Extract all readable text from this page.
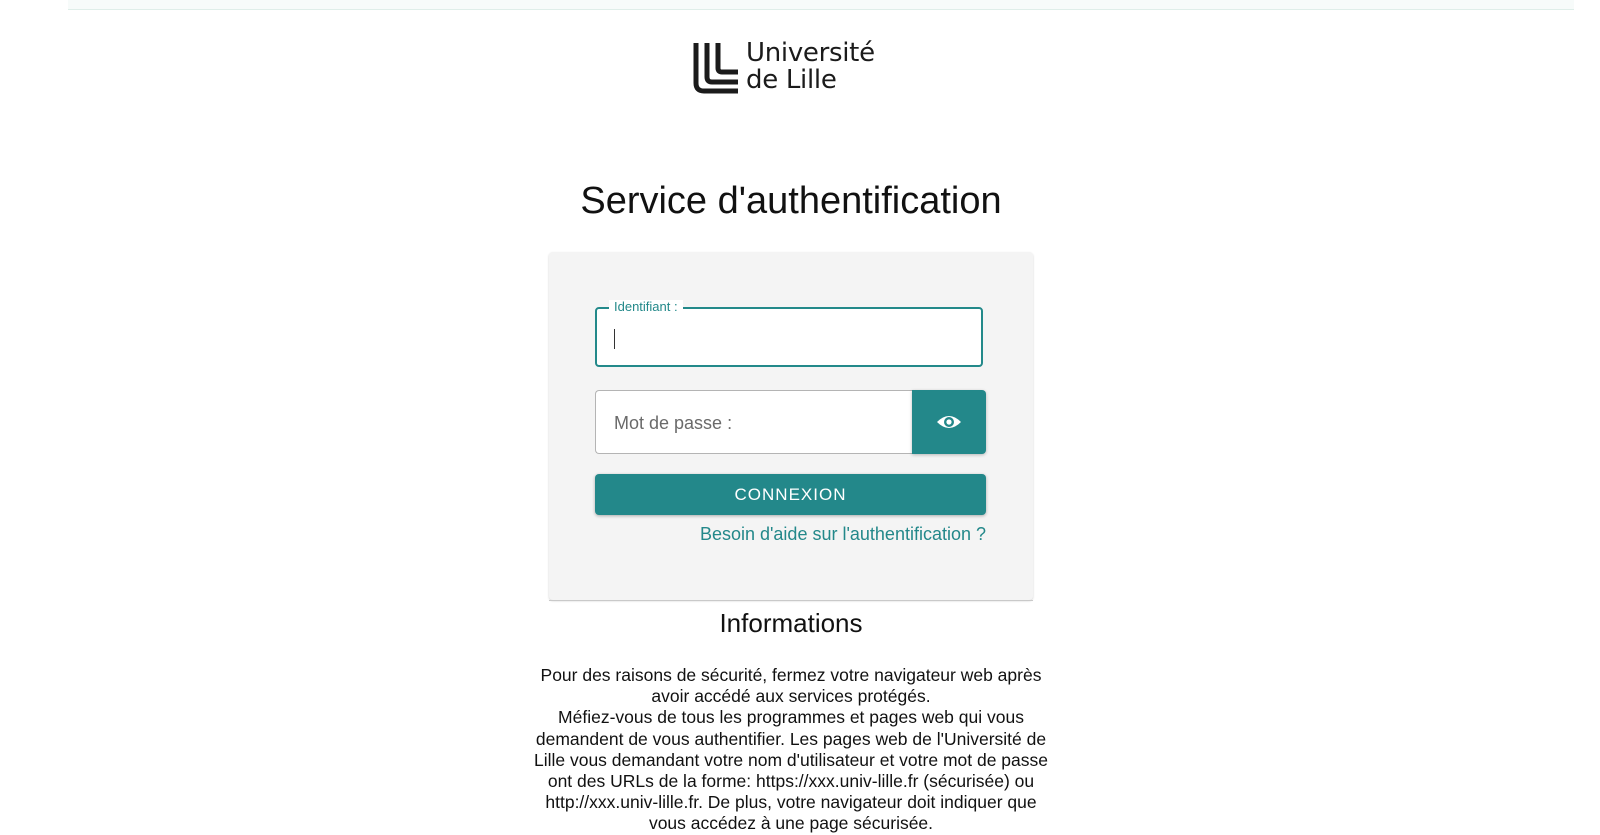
Université
de Lille
Service d'authentification
Identifiant :
CONNEXION
Besoin d'aide sur l'authentification ?
Informations

Pour des raisons de sécurité, fermez votre navigateur web après avoir accédé aux services protégés.

Méfiez-vous de tous les programmes et pages web qui vous demandent de vous authentifier. Les pages web de l'Université de Lille vous demandant votre nom d'utilisateur et votre mot de passe ont des URLs de la forme: https://xxx.univ-lille.fr (sécurisée) ou http://xxx.univ-lille.fr. De plus, votre navigateur doit indiquer que vous accédez à une page sécurisée.
